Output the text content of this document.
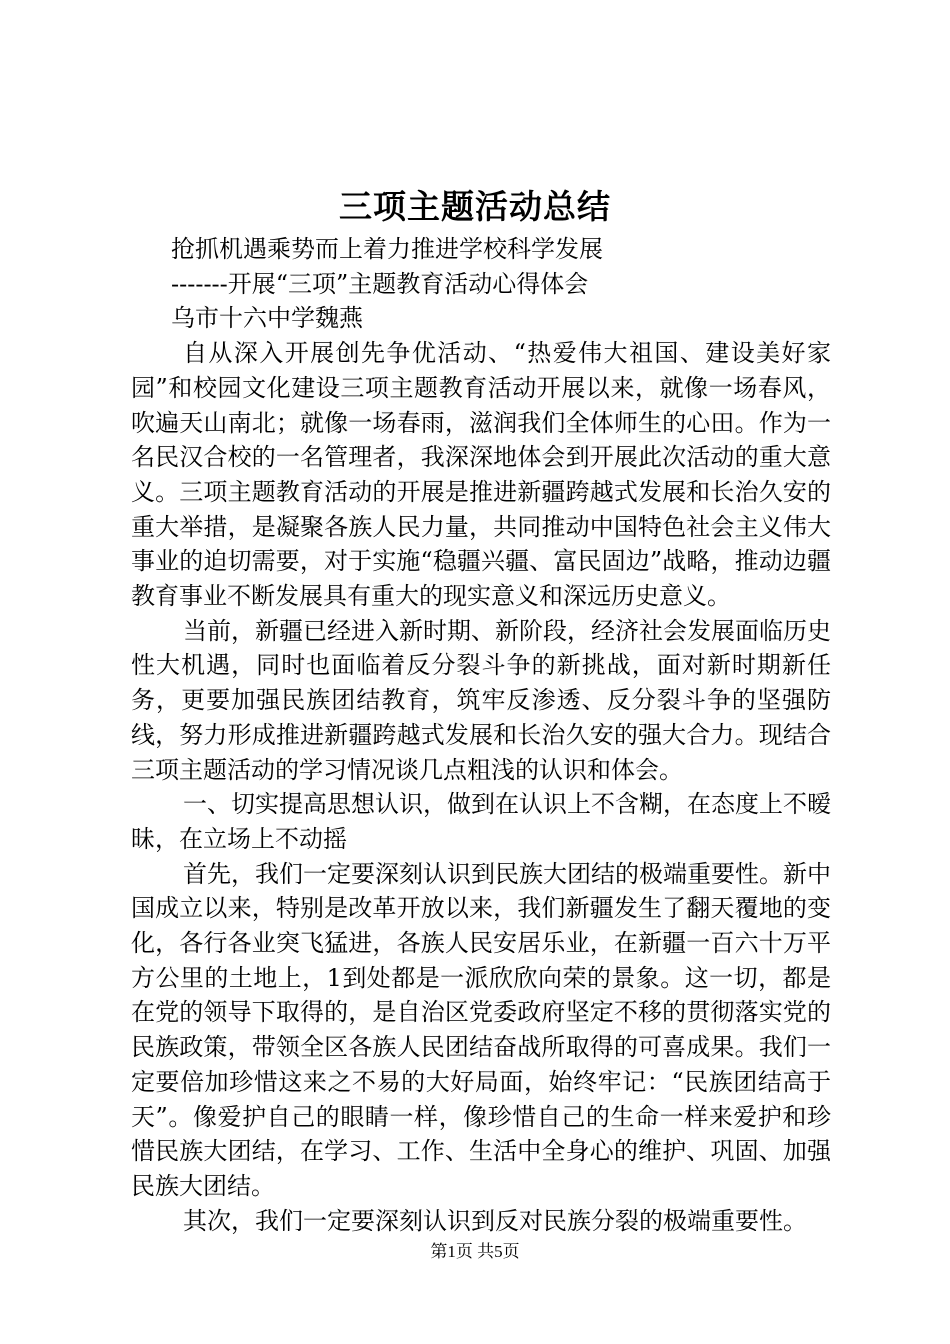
三项主题活动总结

抢抓机遇乘势而上着力推进学校科学发展

-------开展“三项”主题教育活动心得体会

乌市十六中学魏燕

自从深入开展创先争优活动、“热爱伟大祖国、建设美好家园”和校园文化建设三项主题教育活动开展以来，就像一场春风，吹遍天山南北；就像一场春雨，滋润我们全体师生的心田。作为一名民汉合校的一名管理者，我深深地体会到开展此次活动的重大意义。三项主题教育活动的开展是推进新疆跨越式发展和长治久安的重大举措，是凝聚各族人民力量，共同推动中国特色社会主义伟大事业的迫切需要，对于实施“稳疆兴疆、富民固边”战略，推动边疆教育事业不断发展具有重大的现实意义和深远历史意义。

当前，新疆已经进入新时期、新阶段，经济社会发展面临历史性大机遇，同时也面临着反分裂斗争的新挑战，面对新时期新任务，更要加强民族团结教育，筑牢反渗透、反分裂斗争的坚强防线，努力形成推进新疆跨越式发展和长治久安的强大合力。现结合三项主题活动的学习情况谈几点粗浅的认识和体会。

一、切实提高思想认识，做到在认识上不含糊，在态度上不暧昧，在立场上不动摇

首先，我们一定要深刻认识到民族大团结的极端重要性。新中国成立以来，特别是改革开放以来，我们新疆发生了翻天覆地的变化，各行各业突飞猛进，各族人民安居乐业，在新疆一百六十万平方公里的土地上，1到处都是一派欣欣向荣的景象。这一切，都是在党的领导下取得的，是自治区党委政府坚定不移的贯彻落实党的民族政策，带领全区各族人民团结奋战所取得的可喜成果。我们一定要倍加珍惜这来之不易的大好局面，始终牢记：“民族团结高于天”。像爱护自己的眼睛一样，像珍惜自己的生命一样来爱护和珍惜民族大团结，在学习、工作、生活中全身心的维护、巩固、加强民族大团结。

其次，我们一定要深刻认识到反对民族分裂的极端重要性。

第1页 共5页
